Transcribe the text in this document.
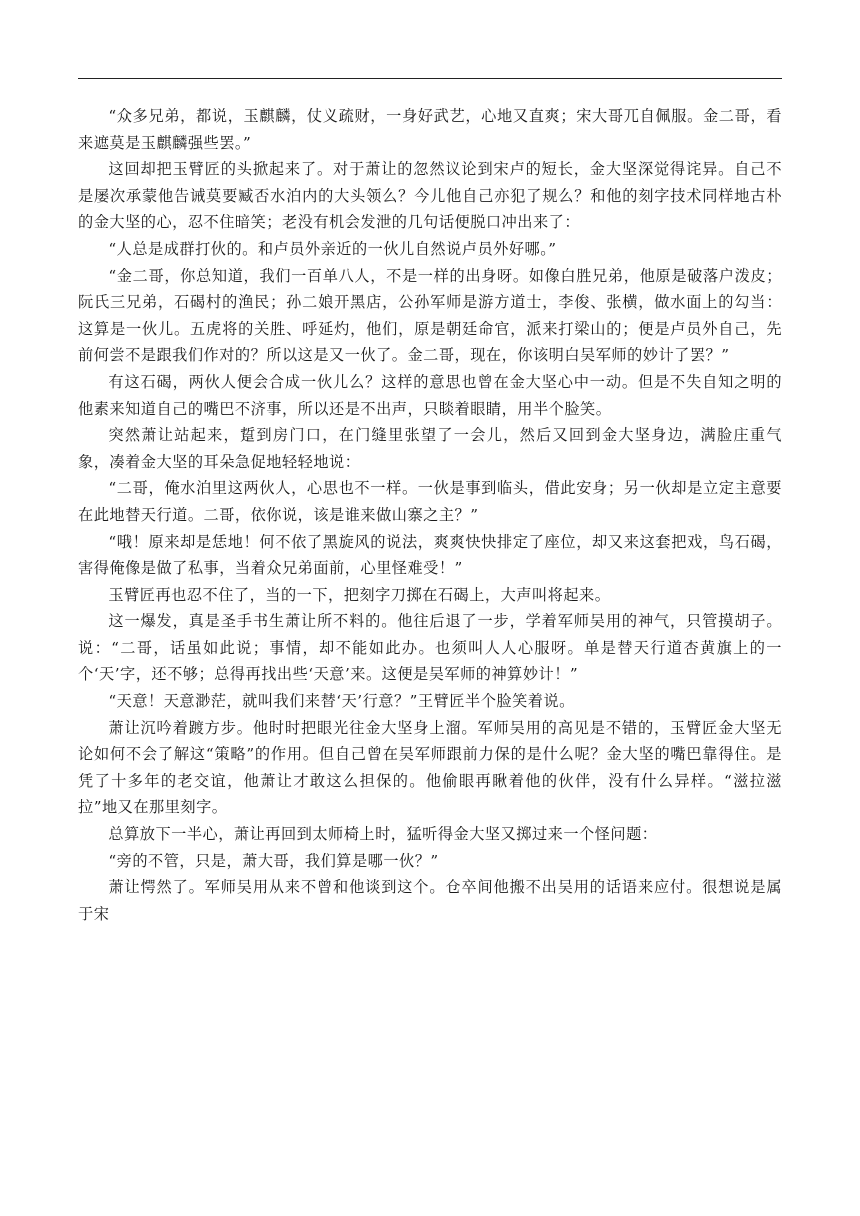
“众多兄弟，都说，玉麒麟，仗义疏财，一身好武艺，心地又直爽；宋大哥兀自佩服。金二哥，看来遮莫是玉麒麟强些罢。”

这回却把玉臂匠的头掀起来了。对于萧让的忽然议论到宋卢的短长，金大坚深觉得诧异。自己不是屡次承蒙他告诫莫要臧否水泊内的大头领么？今儿他自己亦犯了规么？和他的刻字技术同样地古朴的金大坚的心，忍不住暗笑；老没有机会发泄的几句话便脱口冲出来了：

“人总是成群打伙的。和卢员外亲近的一伙儿自然说卢员外好哪。”

“金二哥，你总知道，我们一百单八人，不是一样的出身呀。如像白胜兄弟，他原是破落户泼皮；阮氏三兄弟，石碣村的渔民；孙二娘开黑店，公孙军师是游方道士，李俊、张横，做水面上的勾当：这算是一伙儿。五虎将的关胜、呼延灼，他们，原是朝廷命官，派来打梁山的；便是卢员外自己，先前何尝不是跟我们作对的？所以这是又一伙了。金二哥，现在，你该明白吴军师的妙计了罢？”

有这石碣，两伙人便会合成一伙儿么？这样的意思也曾在金大坚心中一动。但是不失自知之明的他素来知道自己的嘴巴不济事，所以还是不出声，只睒着眼睛，用半个脸笑。

突然萧让站起来，踅到房门口，在门缝里张望了一会儿，然后又回到金大坚身边，满脸庄重气象，凑着金大坚的耳朵急促地轻轻地说：

“二哥，俺水泊里这两伙人，心思也不一样。一伙是事到临头，借此安身；另一伙却是立定主意要在此地替天行道。二哥，依你说，该是谁来做山寨之主？”

“哦！原来却是恁地！何不依了黑旋风的说法，爽爽快快排定了座位，却又来这套把戏，鸟石碣，害得俺像是做了私事，当着众兄弟面前，心里怪难受！”

玉臂匠再也忍不住了，当的一下，把刻字刀掷在石碣上，大声叫将起来。

这一爆发，真是圣手书生萧让所不料的。他往后退了一步，学着军师吴用的神气，只管摸胡子。说：“二哥，话虽如此说；事情，却不能如此办。也须叫人人心服呀。单是替天行道杏黄旗上的一个‘天’字，还不够；总得再找出些‘天意’来。这便是吴军师的神算妙计！”

“天意！天意渺茫，就叫我们来替‘天’行意？”王臂匠半个脸笑着说。

萧让沉吟着踱方步。他时时把眼光往金大坚身上溜。军师吴用的高见是不错的，玉臂匠金大坚无论如何不会了解这“策略”的作用。但自己曾在吴军师跟前力保的是什么呢？金大坚的嘴巴靠得住。是凭了十多年的老交谊，他萧让才敢这么担保的。他偷眼再瞅着他的伙伴，没有什么异样。“滋拉滋拉”地又在那里刻字。

总算放下一半心，萧让再回到太师椅上时，猛听得金大坚又掷过来一个怪问题：

“旁的不管，只是，萧大哥，我们算是哪一伙？”

萧让愕然了。军师吴用从来不曾和他谈到这个。仓卒间他搬不出吴用的话语来应付。很想说是属于宋
